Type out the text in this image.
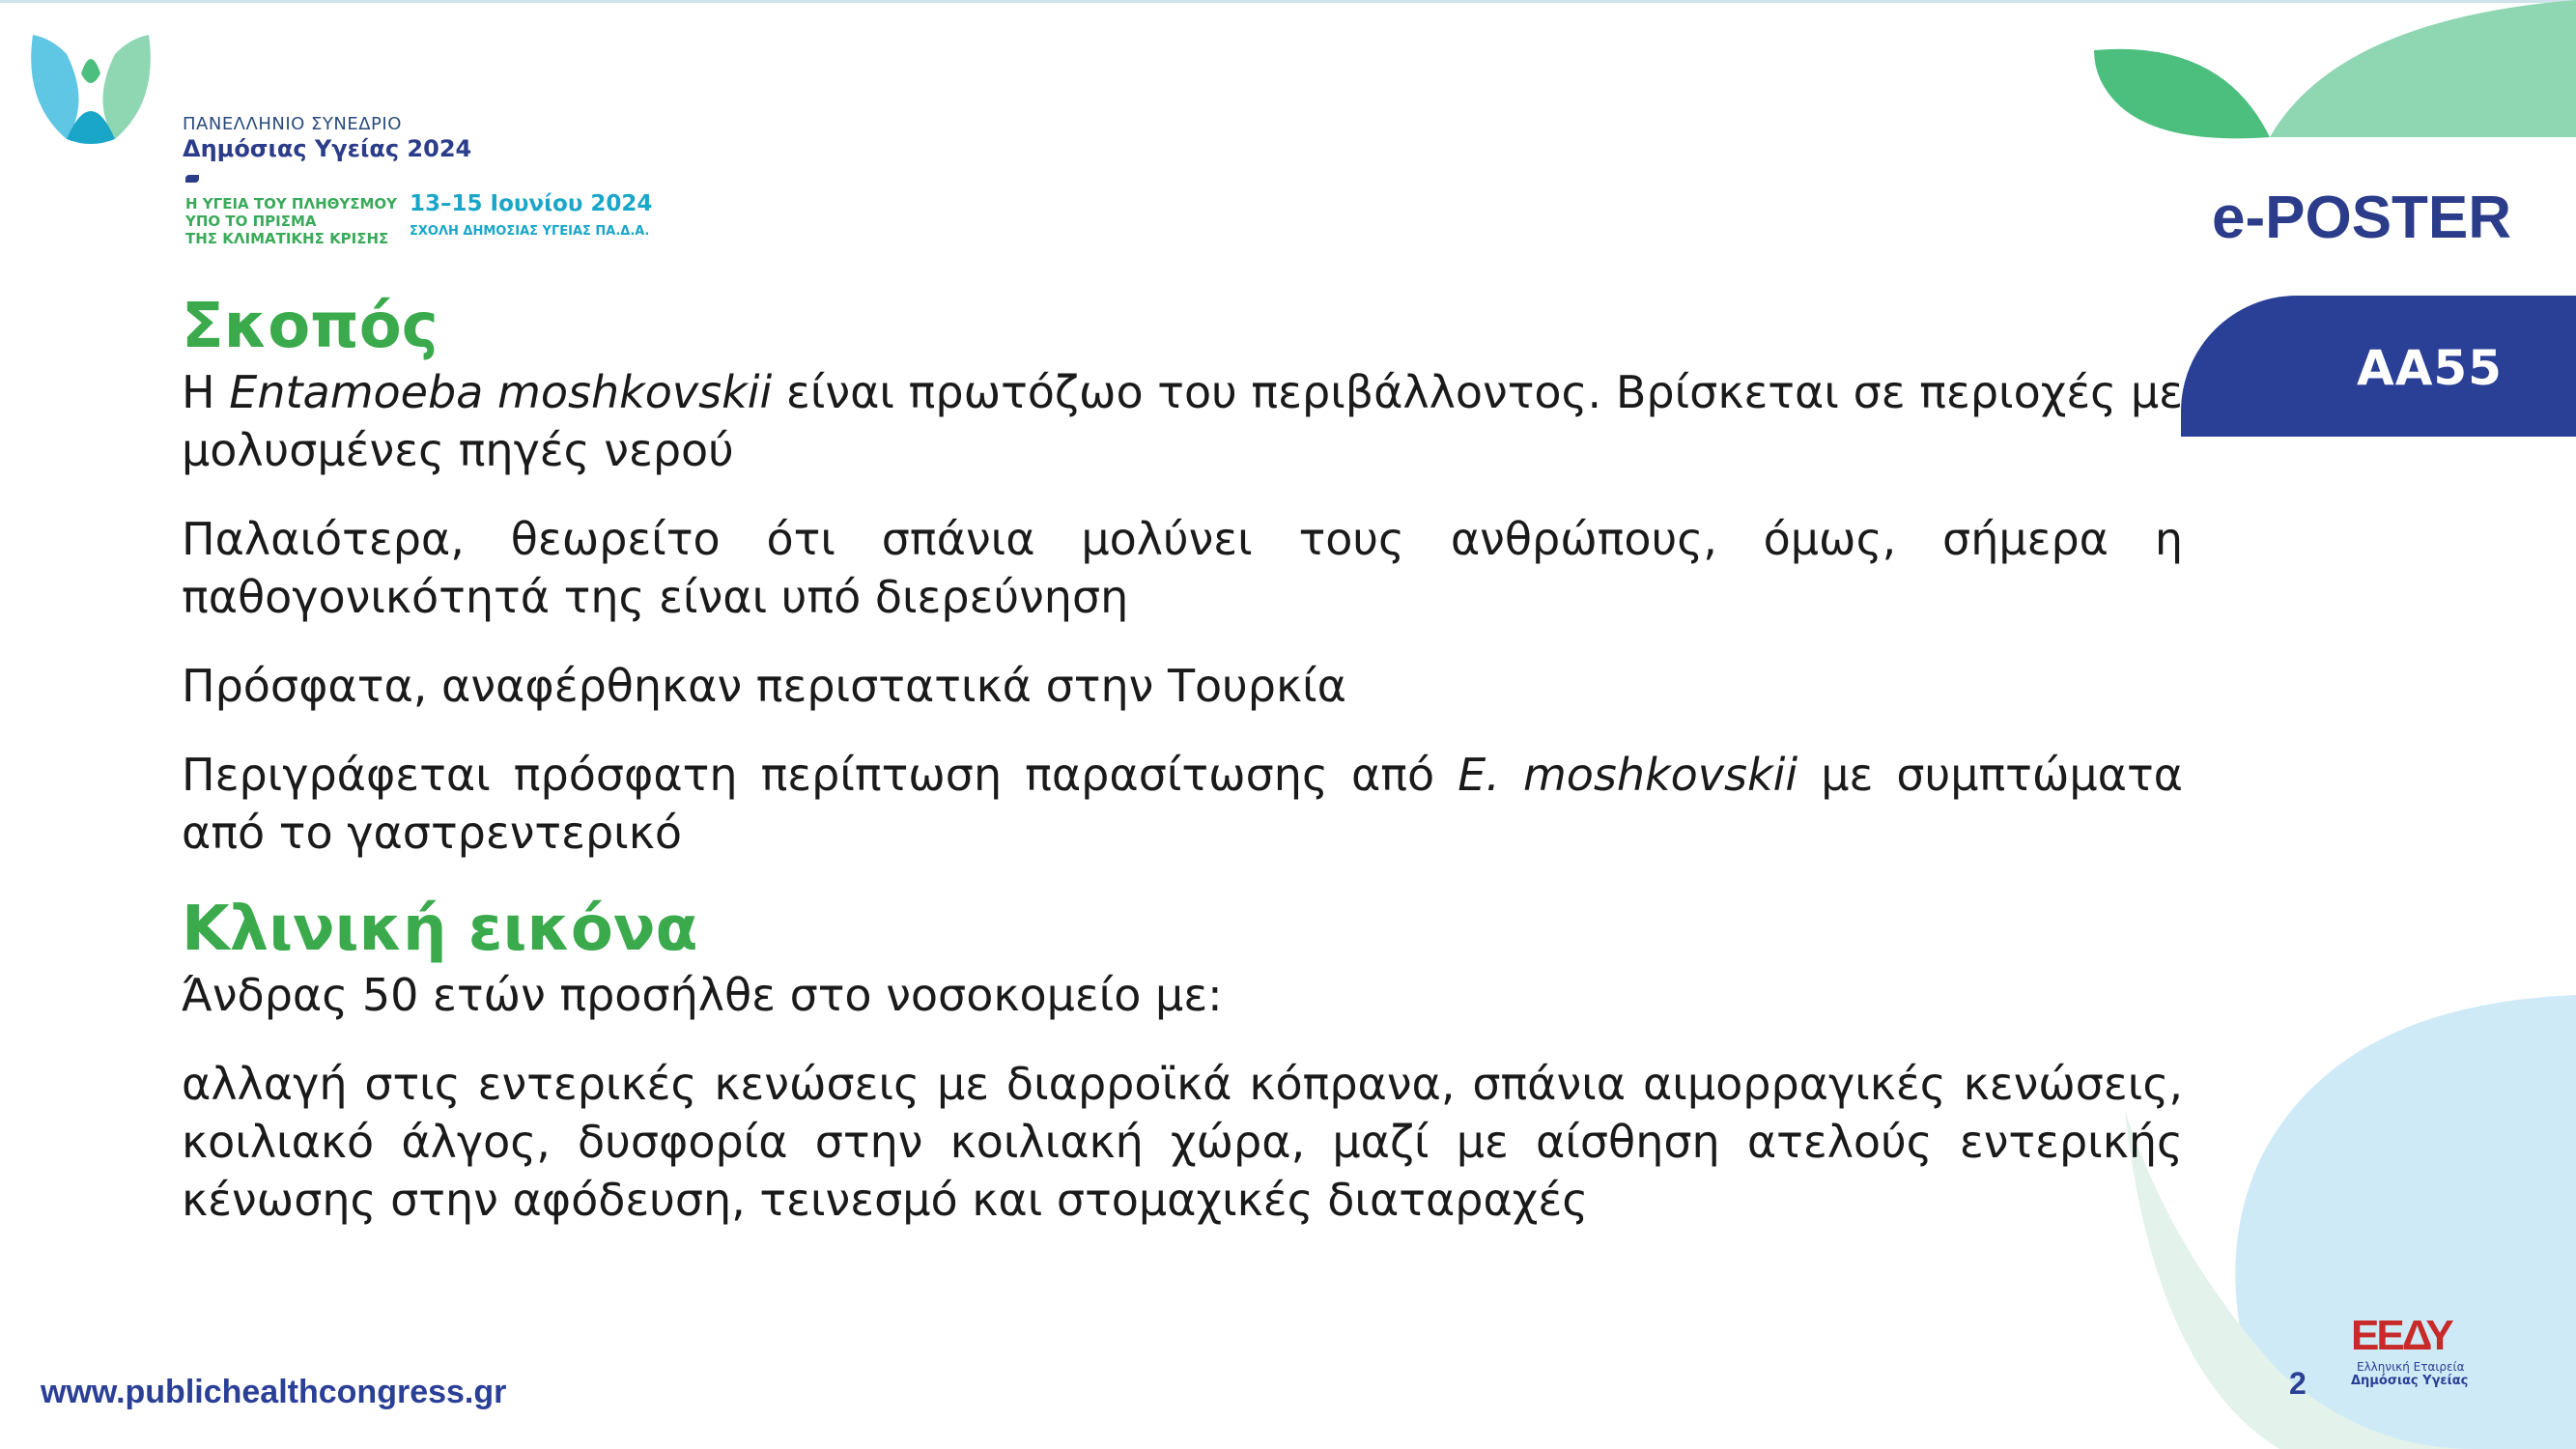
ΠΑΝΕΛΛΗΝΙΟ ΣΥΝΕΔΡΙΟ
Δημόσιας Υγείας 2024
Η ΥΓΕΙΑ ΤΟΥ ΠΛΗΘΥΣΜΟΥ
ΥΠΟ ΤΟ ΠΡΙΣΜΑ
ΤΗΣ ΚΛΙΜΑΤΙΚΗΣ ΚΡΙΣΗΣ
13–15 Ιουνίου 2024
ΣΧΟΛΗ ΔΗΜΟΣΙΑΣ ΥΓΕΙΑΣ ΠΑ.Δ.Α.	e-POSTER
ΑΑ55
Σκοπός

Η Entamoeba moshkovskii είναι πρωτόζωο του περιβάλλοντος. Βρίσκεται σε περιοχές με μολυσμένες πηγές νερού

Παλαιότερα, θεωρείτο ότι σπάνια μολύνει τους ανθρώπους, όμως, σήμερα η παθογονικότητά της είναι υπό διερεύνηση

Πρόσφατα, αναφέρθηκαν περιστατικά στην Τουρκία

Περιγράφεται πρόσφατη περίπτωση παρασίτωσης από E. moshkovskii με συμπτώματα από το γαστρεντερικό

Κλινική εικόνα

Άνδρας 50 ετών προσήλθε στο νοσοκομείο με:

αλλαγή στις εντερικές κενώσεις με διαρροϊκά κόπρανα, σπάνια αιμορραγικές κενώσεις, κοιλιακό άλγος, δυσφορία στην κοιλιακή χώρα, μαζί με αίσθηση ατελούς εντερικής κένωσης στην αφόδευση, τεινεσμό και στομαχικές διαταραχές

www.publichealthcongress.gr	2
ΕΕΔΥ
Ελληνική Εταιρεία
Δημόσιας Υγείας
